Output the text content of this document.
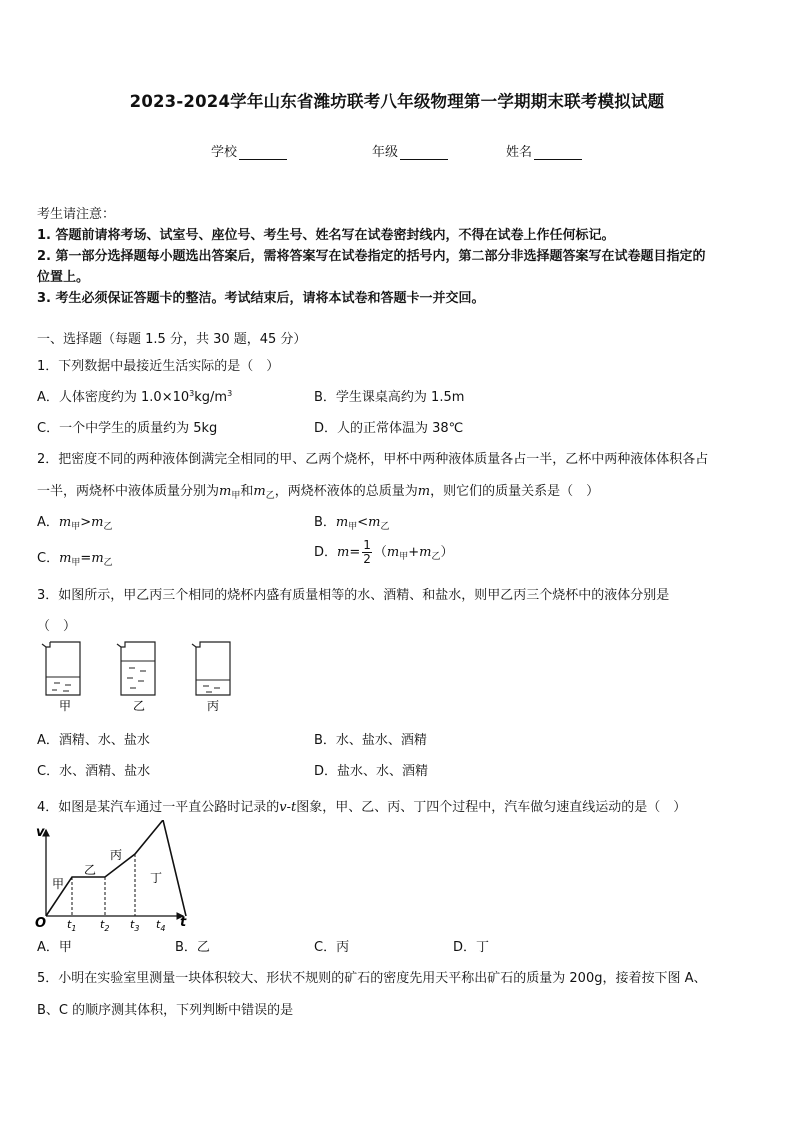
2023-2024学年山东省潍坊联考八年级物理第一学期期末联考模拟试题
学校	年级	姓名
考生请注意：
1. 答题前请将考场、试室号、座位号、考生号、姓名写在试卷密封线内，不得在试卷上作任何标记。
2. 第一部分选择题每小题选出答案后，需将答案写在试卷指定的括号内，第二部分非选择题答案写在试卷题目指定的
位置上。
3. 考生必须保证答题卡的整洁。考试结束后，请将本试卷和答题卡一并交回。
一、选择题（每题 1.5 分，共 30 题，45 分）
1．下列数据中最接近生活实际的是（　）
A．人体密度约为 $1.0\times 10^3kg/m^3$	B．学生课桌高约为 1.5m
C．一个中学生的质量约为 5kg	D．人的正常体温为 38℃
2．把密度不同的两种液体倒满完全相同的甲、乙两个烧杯，甲杯中两种液体质量各占一半，乙杯中两种液体体积各占
一半，两烧杯中液体质量分别为$m_甲$和$m_乙$，两烧杯液体的总质量为m，则它们的质量关系是（　）
A．$m_甲>m_乙$	B．$m_甲<m_乙$
C．$m_甲=m_乙$
D．$m= \frac{1}{2} (m_甲+m_乙)$
3．如图所示，甲乙丙三个相同的烧杯内盛有质量相等的水、酒精、和盐水，则甲乙丙三个烧杯中的液体分别是
（　）
甲	乙	丙
A．酒精、水、盐水	B．水、盐水、酒精
C．水、酒精、盐水	D．盐水、水、酒精
4．如图是某汽车通过一平直公路时记录的v-t图象，甲、乙、丙、丁四个过程中，汽车做匀速直线运动的是（　）
v
t
O
甲
乙
丙
丁
$t_1$ $t_2$ $t_3$ $t_4$
A．甲	B．乙	C．丙	D．丁
5．小明在实验室里测量一块体积较大、形状不规则的矿石的密度先用天平称出矿石的质量为 200g，接着按下图 A、
B、C 的顺序测其体积，下列判断中错误的是
